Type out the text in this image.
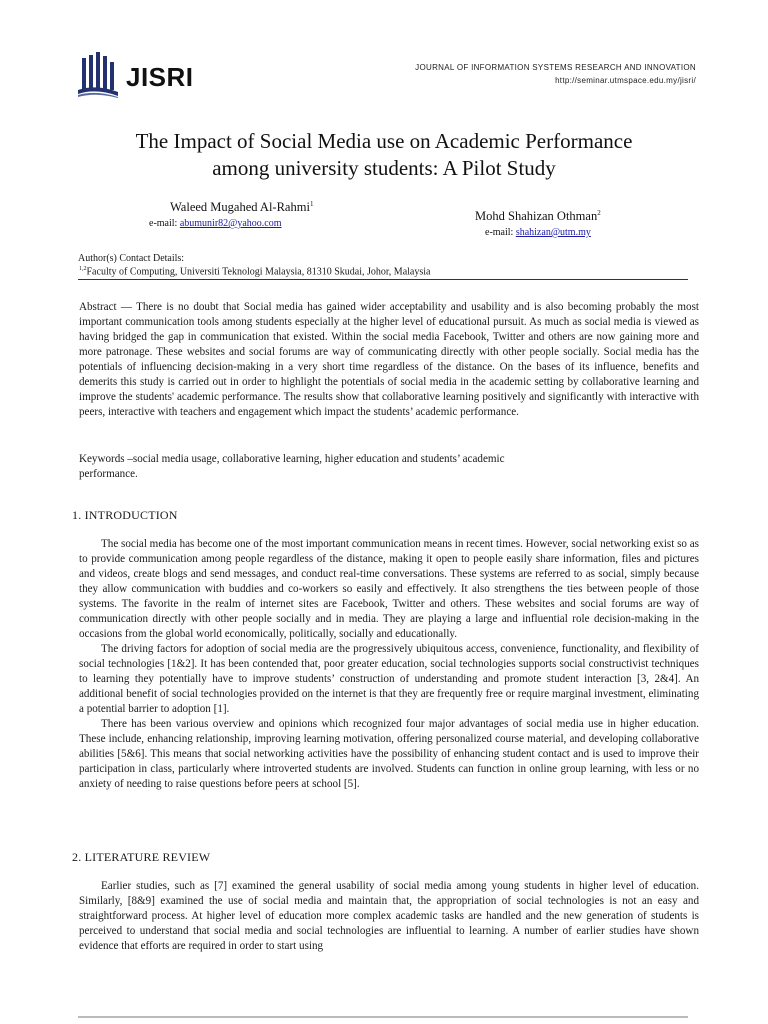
JISRI	JOURNAL OF INFORMATION SYSTEMS RESEARCH AND INNOVATION
http://seminar.utmspace.edu.my/jisri/
The Impact of Social Media use on Academic Performance
among university students: A Pilot Study
Waleed Mugahed Al-Rahmi$^1$
e-mail: abumunir82@yahoo.com
Mohd Shahizan Othman$^2$
e-mail: shahizan@utm.my
Author(s) Contact Details:
$^{1,2}$Faculty of Computing, Universiti Teknologi Malaysia, 81310 Skudai, Johor, Malaysia
Abstract — There is no doubt that Social media has gained wider acceptability and usability and is also becoming probably the most important communication tools among students especially at the higher level of educational pursuit. As much as social media is viewed as having bridged the gap in communication that existed. Within the social media Facebook, Twitter and others are now gaining more and more patronage. These websites and social forums are way of communicating directly with other people socially. Social media has the potentials of influencing decision-making in a very short time regardless of the distance. On the bases of its influence, benefits and demerits this study is carried out in order to highlight the potentials of social media in the academic setting by collaborative learning and improve the students' academic performance. The results show that collaborative learning positively and significantly with interactive with peers, interactive with teachers and engagement which impact the students’ academic performance.
Keywords –social media usage, collaborative learning, higher education and students’ academic
performance.
1. INTRODUCTION
The social media has become one of the most important communication means in recent times. However, social networking exist so as to provide communication among people regardless of the distance, making it open to people easily share information, files and pictures and videos, create blogs and send messages, and conduct real-time conversations. These systems are referred to as social, simply because they allow communication with buddies and co-workers so easily and effectively. It also strengthens the ties between people of those systems. The favorite in the realm of internet sites are Facebook, Twitter and others. These websites and social forums are way of communication directly with other people socially and in media. They are playing a large and influential role decision-making in the occasions from the global world economically, politically, socially and educationally.
The driving factors for adoption of social media are the progressively ubiquitous access, convenience, functionality, and flexibility of social technologies [1&2]. It has been contended that, poor greater education, social technologies supports social constructivist techniques to learning they potentially have to improve students’ construction of understanding and promote student interaction [3, 2&4]. An additional benefit of social technologies provided on the internet is that they are frequently free or require marginal investment, eliminating a potential barrier to adoption [1].
There has been various overview and opinions which recognized four major advantages of social media use in higher education. These include, enhancing relationship, improving learning motivation, offering personalized course material, and developing collaborative abilities [5&6]. This means that social networking activities have the possibility of enhancing student contact and is used to improve their participation in class, particularly where introverted students are involved. Students can function in online group learning, with less or no anxiety of needing to raise questions before peers at school [5].
2. LITERATURE REVIEW
Earlier studies, such as [7] examined the general usability of social media among young students in higher level of education. Similarly, [8&9] examined the use of social media and maintain that, the appropriation of social technologies is not an easy and straightforward process. At higher level of education more complex academic tasks are handled and the new generation of students is perceived to understand that social media and social technologies are influential to learning. A number of earlier studies have shown evidence that efforts are required in order to start using
